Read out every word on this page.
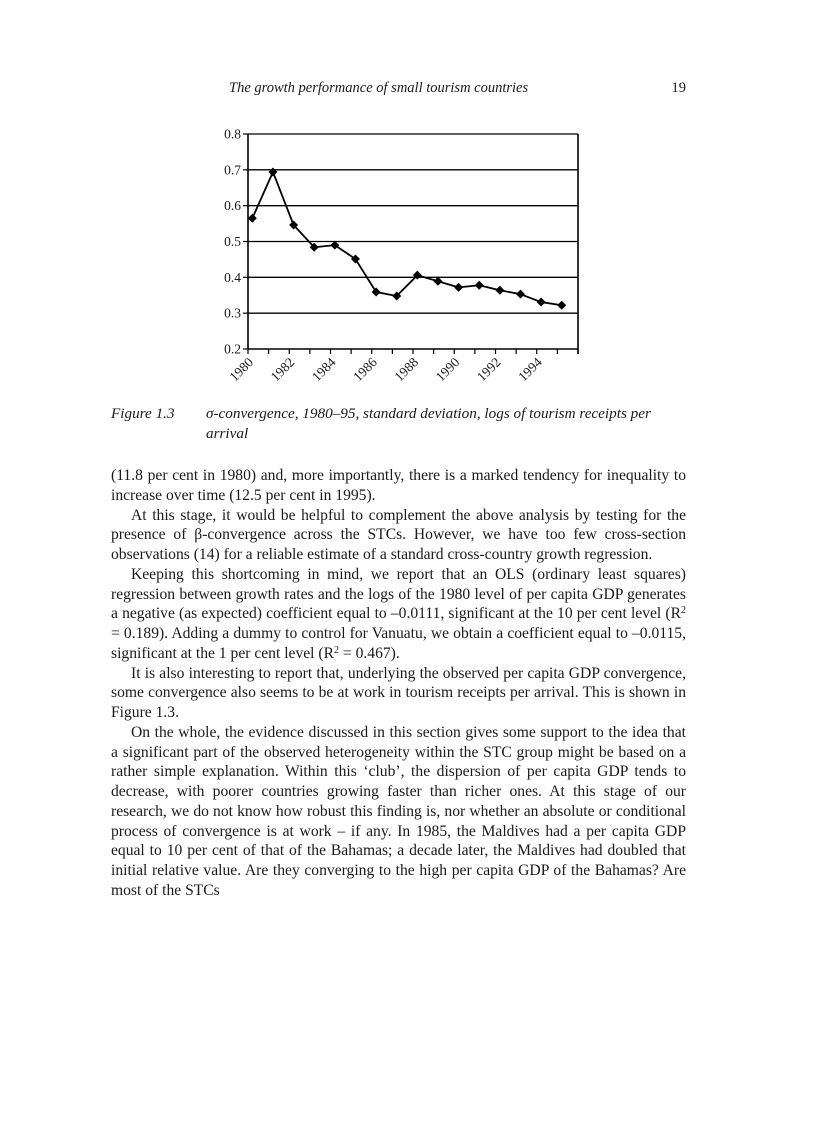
The growth performance of small tourism countries	19
0.2
0.3
0.4
0.5
0.6
0.7
0.8
1980 1982 1984 1986 1988 1990 1992 1994
Figure 1.3 σ-convergence, 1980–95, standard deviation, logs of tourism receipts per arrival

(11.8 per cent in 1980) and, more importantly, there is a marked tendency for inequality to increase over time (12.5 per cent in 1995).

At this stage, it would be helpful to complement the above analysis by testing for the presence of β-convergence across the STCs. However, we have too few cross-section observations (14) for a reliable estimate of a standard cross-country growth regression.

Keeping this shortcoming in mind, we report that an OLS (ordinary least squares) regression between growth rates and the logs of the 1980 level of per capita GDP generates a negative (as expected) coefficient equal to –0.0111, significant at the 10 per cent level $(R^2 = 0.189)$. Adding a dummy to control for Vanuatu, we obtain a coefficient equal to –0.0115, significant at the 1 per cent level $(R^2 = 0.467)$.

It is also interesting to report that, underlying the observed per capita GDP convergence, some convergence also seems to be at work in tourism receipts per arrival. This is shown in Figure 1.3.

On the whole, the evidence discussed in this section gives some support to the idea that a significant part of the observed heterogeneity within the STC group might be based on a rather simple explanation. Within this ‘club’, the dispersion of per capita GDP tends to decrease, with poorer countries growing faster than richer ones. At this stage of our research, we do not know how robust this finding is, nor whether an absolute or conditional process of convergence is at work – if any. In 1985, the Maldives had a per capita GDP equal to 10 per cent of that of the Bahamas; a decade later, the Maldives had doubled that initial relative value. Are they converging to the high per capita GDP of the Bahamas? Are most of the STCs
